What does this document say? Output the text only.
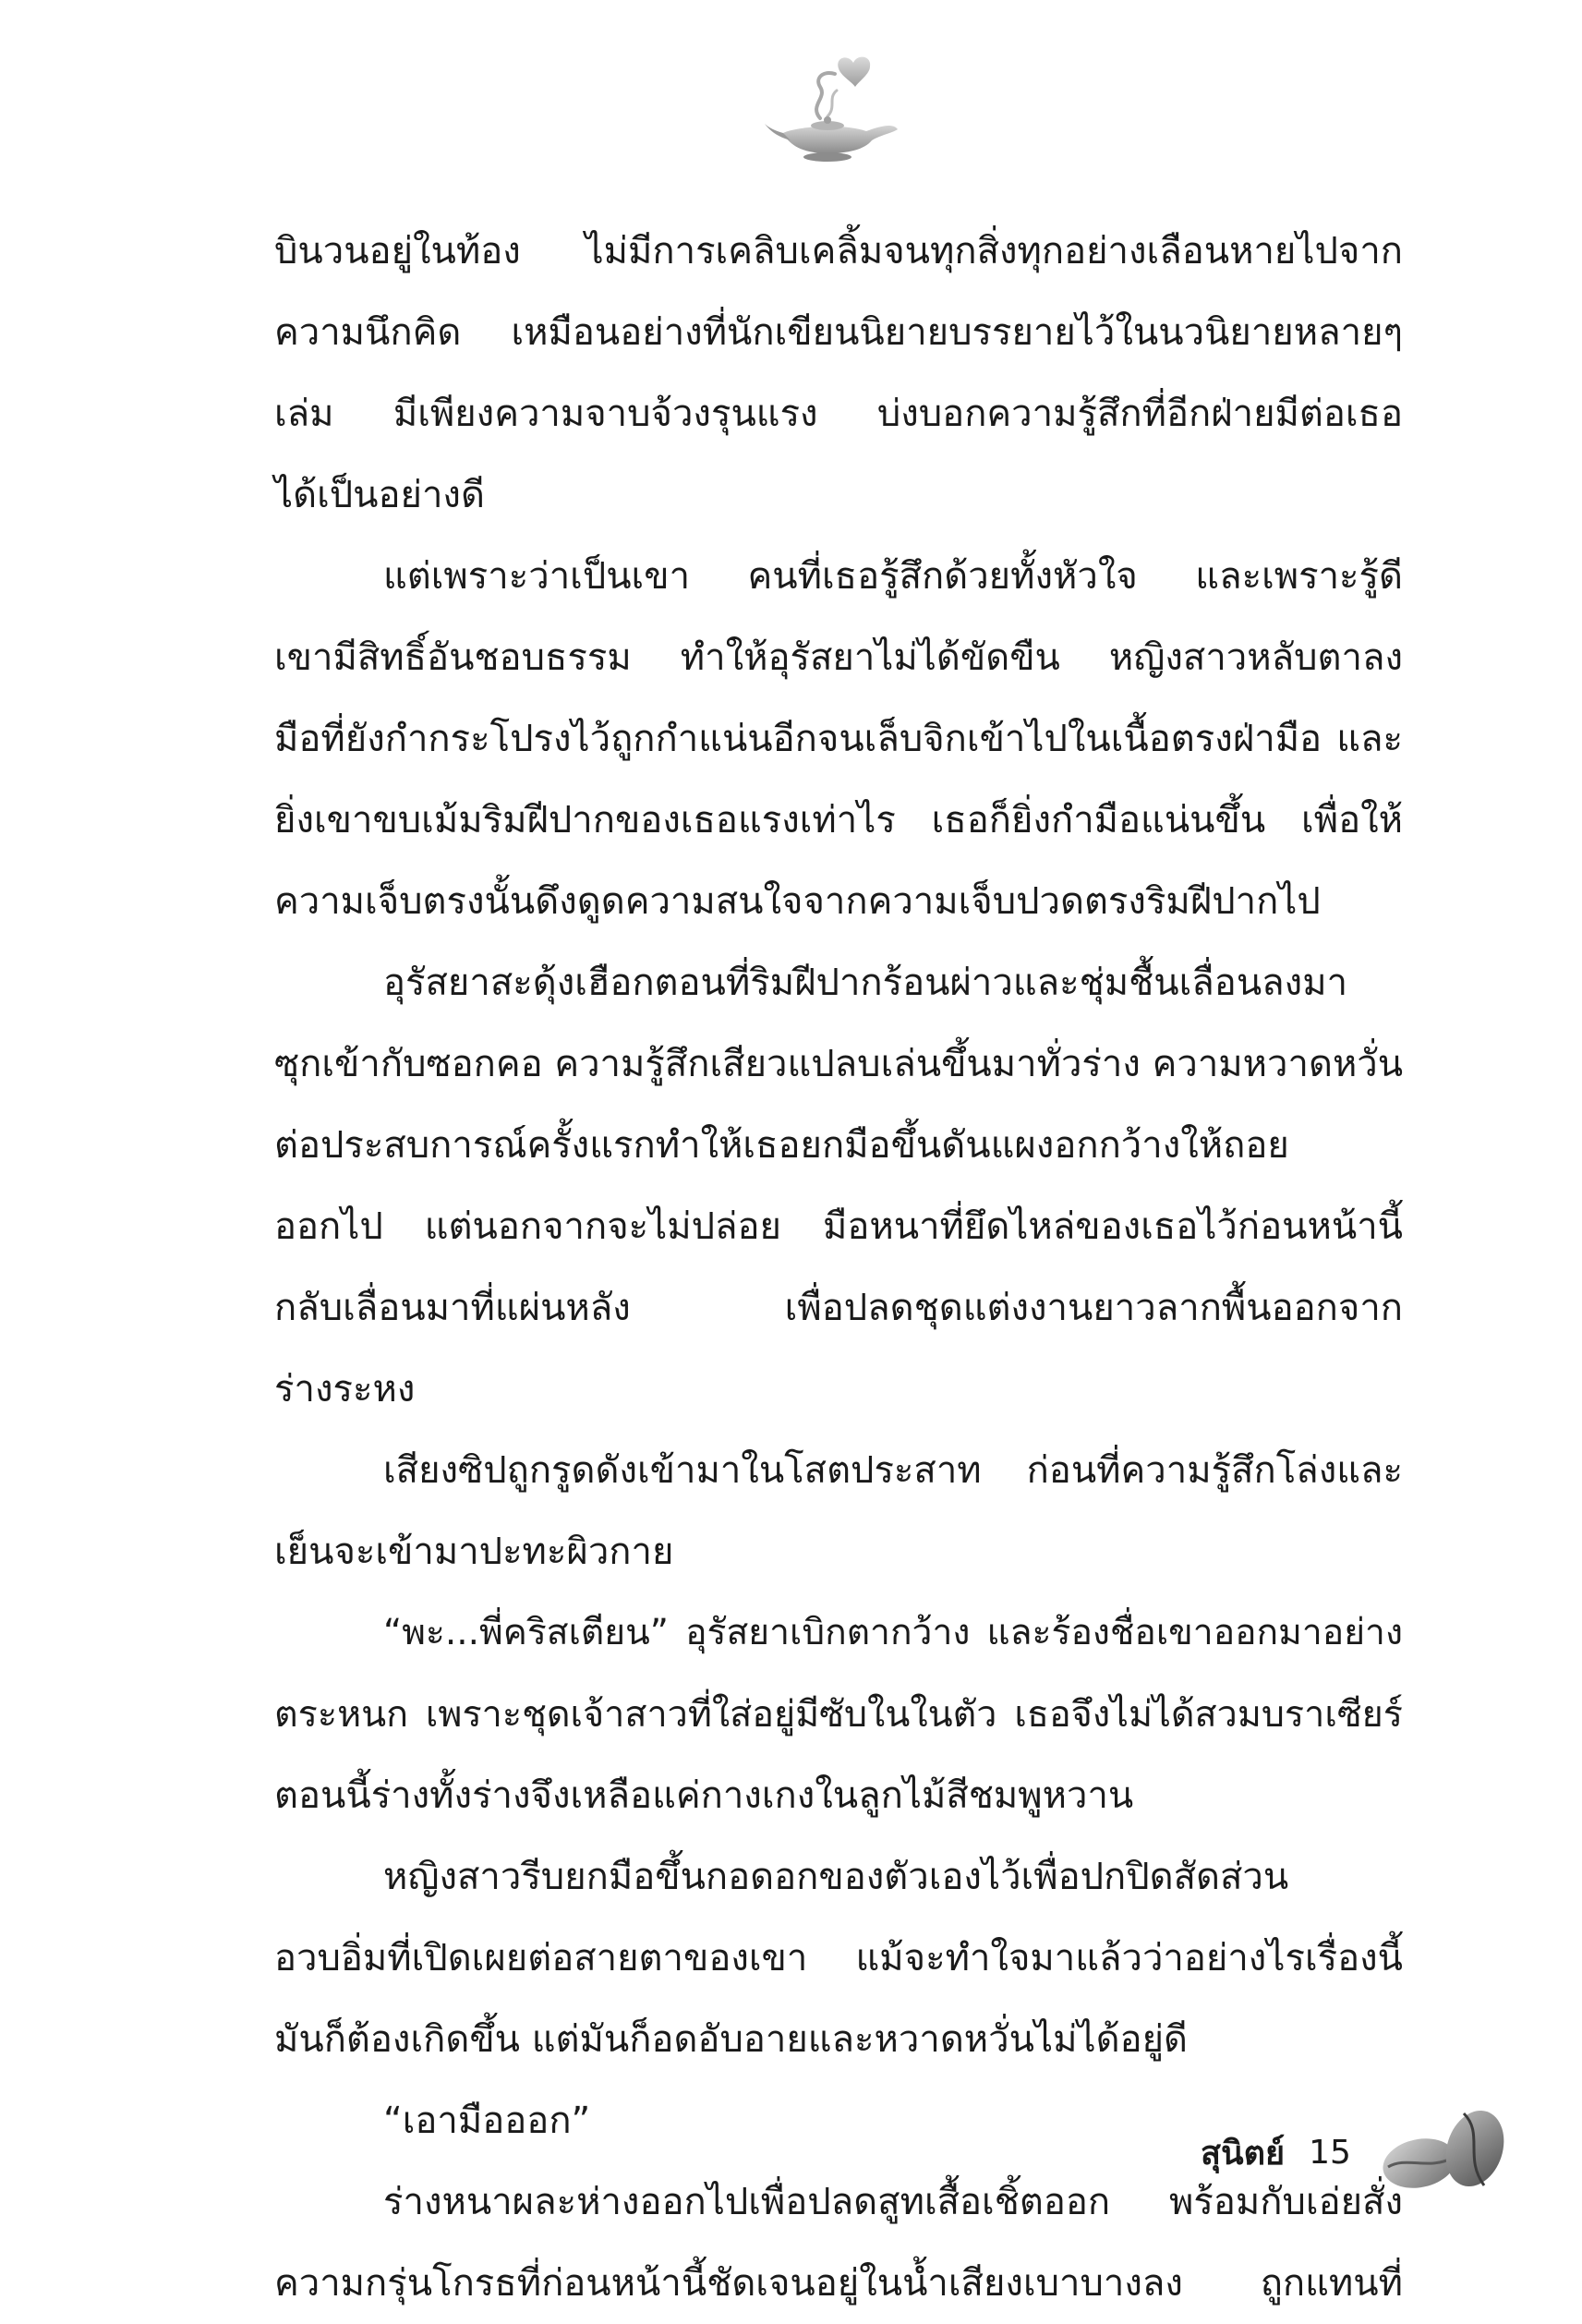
บินวนอยู่ในท้อง ไม่มีการเคลิบเคลิ้มจนทุกสิ่งทุกอย่างเลือนหายไปจาก
ความนึกคิด เหมือนอย่างที่นักเขียนนิยายบรรยายไว้ในนวนิยายหลายๆ
เล่ม มีเพียงความจาบจ้วงรุนแรง บ่งบอกความรู้สึกที่อีกฝ่ายมีต่อเธอ
ได้เป็นอย่างดี
แต่เพราะว่าเป็นเขา คนที่เธอรู้สึกด้วยทั้งหัวใจ และเพราะรู้ดี
เขามีสิทธิ์อันชอบธรรม ทำให้อุรัสยาไม่ได้ขัดขืน หญิงสาวหลับตาลง
มือที่ยังกำกระโปรงไว้ถูกกำแน่นอีกจนเล็บจิกเข้าไปในเนื้อตรงฝ่ามือ และ
ยิ่งเขาขบเม้มริมฝีปากของเธอแรงเท่าไร เธอก็ยิ่งกำมือแน่นขึ้น เพื่อให้
ความเจ็บตรงนั้นดึงดูดความสนใจจากความเจ็บปวดตรงริมฝีปากไป
อุรัสยาสะดุ้งเฮือกตอนที่ริมฝีปากร้อนผ่าวและชุ่มชื้นเลื่อนลงมา
ซุกเข้ากับซอกคอ ความรู้สึกเสียวแปลบเล่นขึ้นมาทั่วร่าง ความหวาดหวั่น
ต่อประสบการณ์ครั้งแรกทำให้เธอยกมือขึ้นดันแผงอกกว้างให้ถอย
ออกไป แต่นอกจากจะไม่ปล่อย มือหนาที่ยึดไหล่ของเธอไว้ก่อนหน้านี้
กลับเลื่อนมาที่แผ่นหลัง เพื่อปลดชุดแต่งงานยาวลากพื้นออกจาก
ร่างระหง
เสียงซิปถูกรูดดังเข้ามาในโสตประสาท ก่อนที่ความรู้สึกโล่งและ
เย็นจะเข้ามาปะทะผิวกาย
“พะ...พี่คริสเตียน” อุรัสยาเบิกตากว้าง และร้องชื่อเขาออกมาอย่าง
ตระหนก เพราะชุดเจ้าสาวที่ใส่อยู่มีซับในในตัว เธอจึงไม่ได้สวมบราเซียร์
ตอนนี้ร่างทั้งร่างจึงเหลือแค่กางเกงในลูกไม้สีชมพูหวาน
หญิงสาวรีบยกมือขึ้นกอดอกของตัวเองไว้เพื่อปกปิดสัดส่วน
อวบอิ่มที่เปิดเผยต่อสายตาของเขา แม้จะทำใจมาแล้วว่าอย่างไรเรื่องนี้
มันก็ต้องเกิดขึ้น แต่มันก็อดอับอายและหวาดหวั่นไม่ได้อยู่ดี
“เอามือออก”
ร่างหนาผละห่างออกไปเพื่อปลดสูทเสื้อเชิ้ตออก พร้อมกับเอ่ยสั่ง
ความกรุ่นโกรธที่ก่อนหน้านี้ชัดเจนอยู่ในน้ำเสียงเบาบางลง ถูกแทนที่
สุนิตย์ 15
